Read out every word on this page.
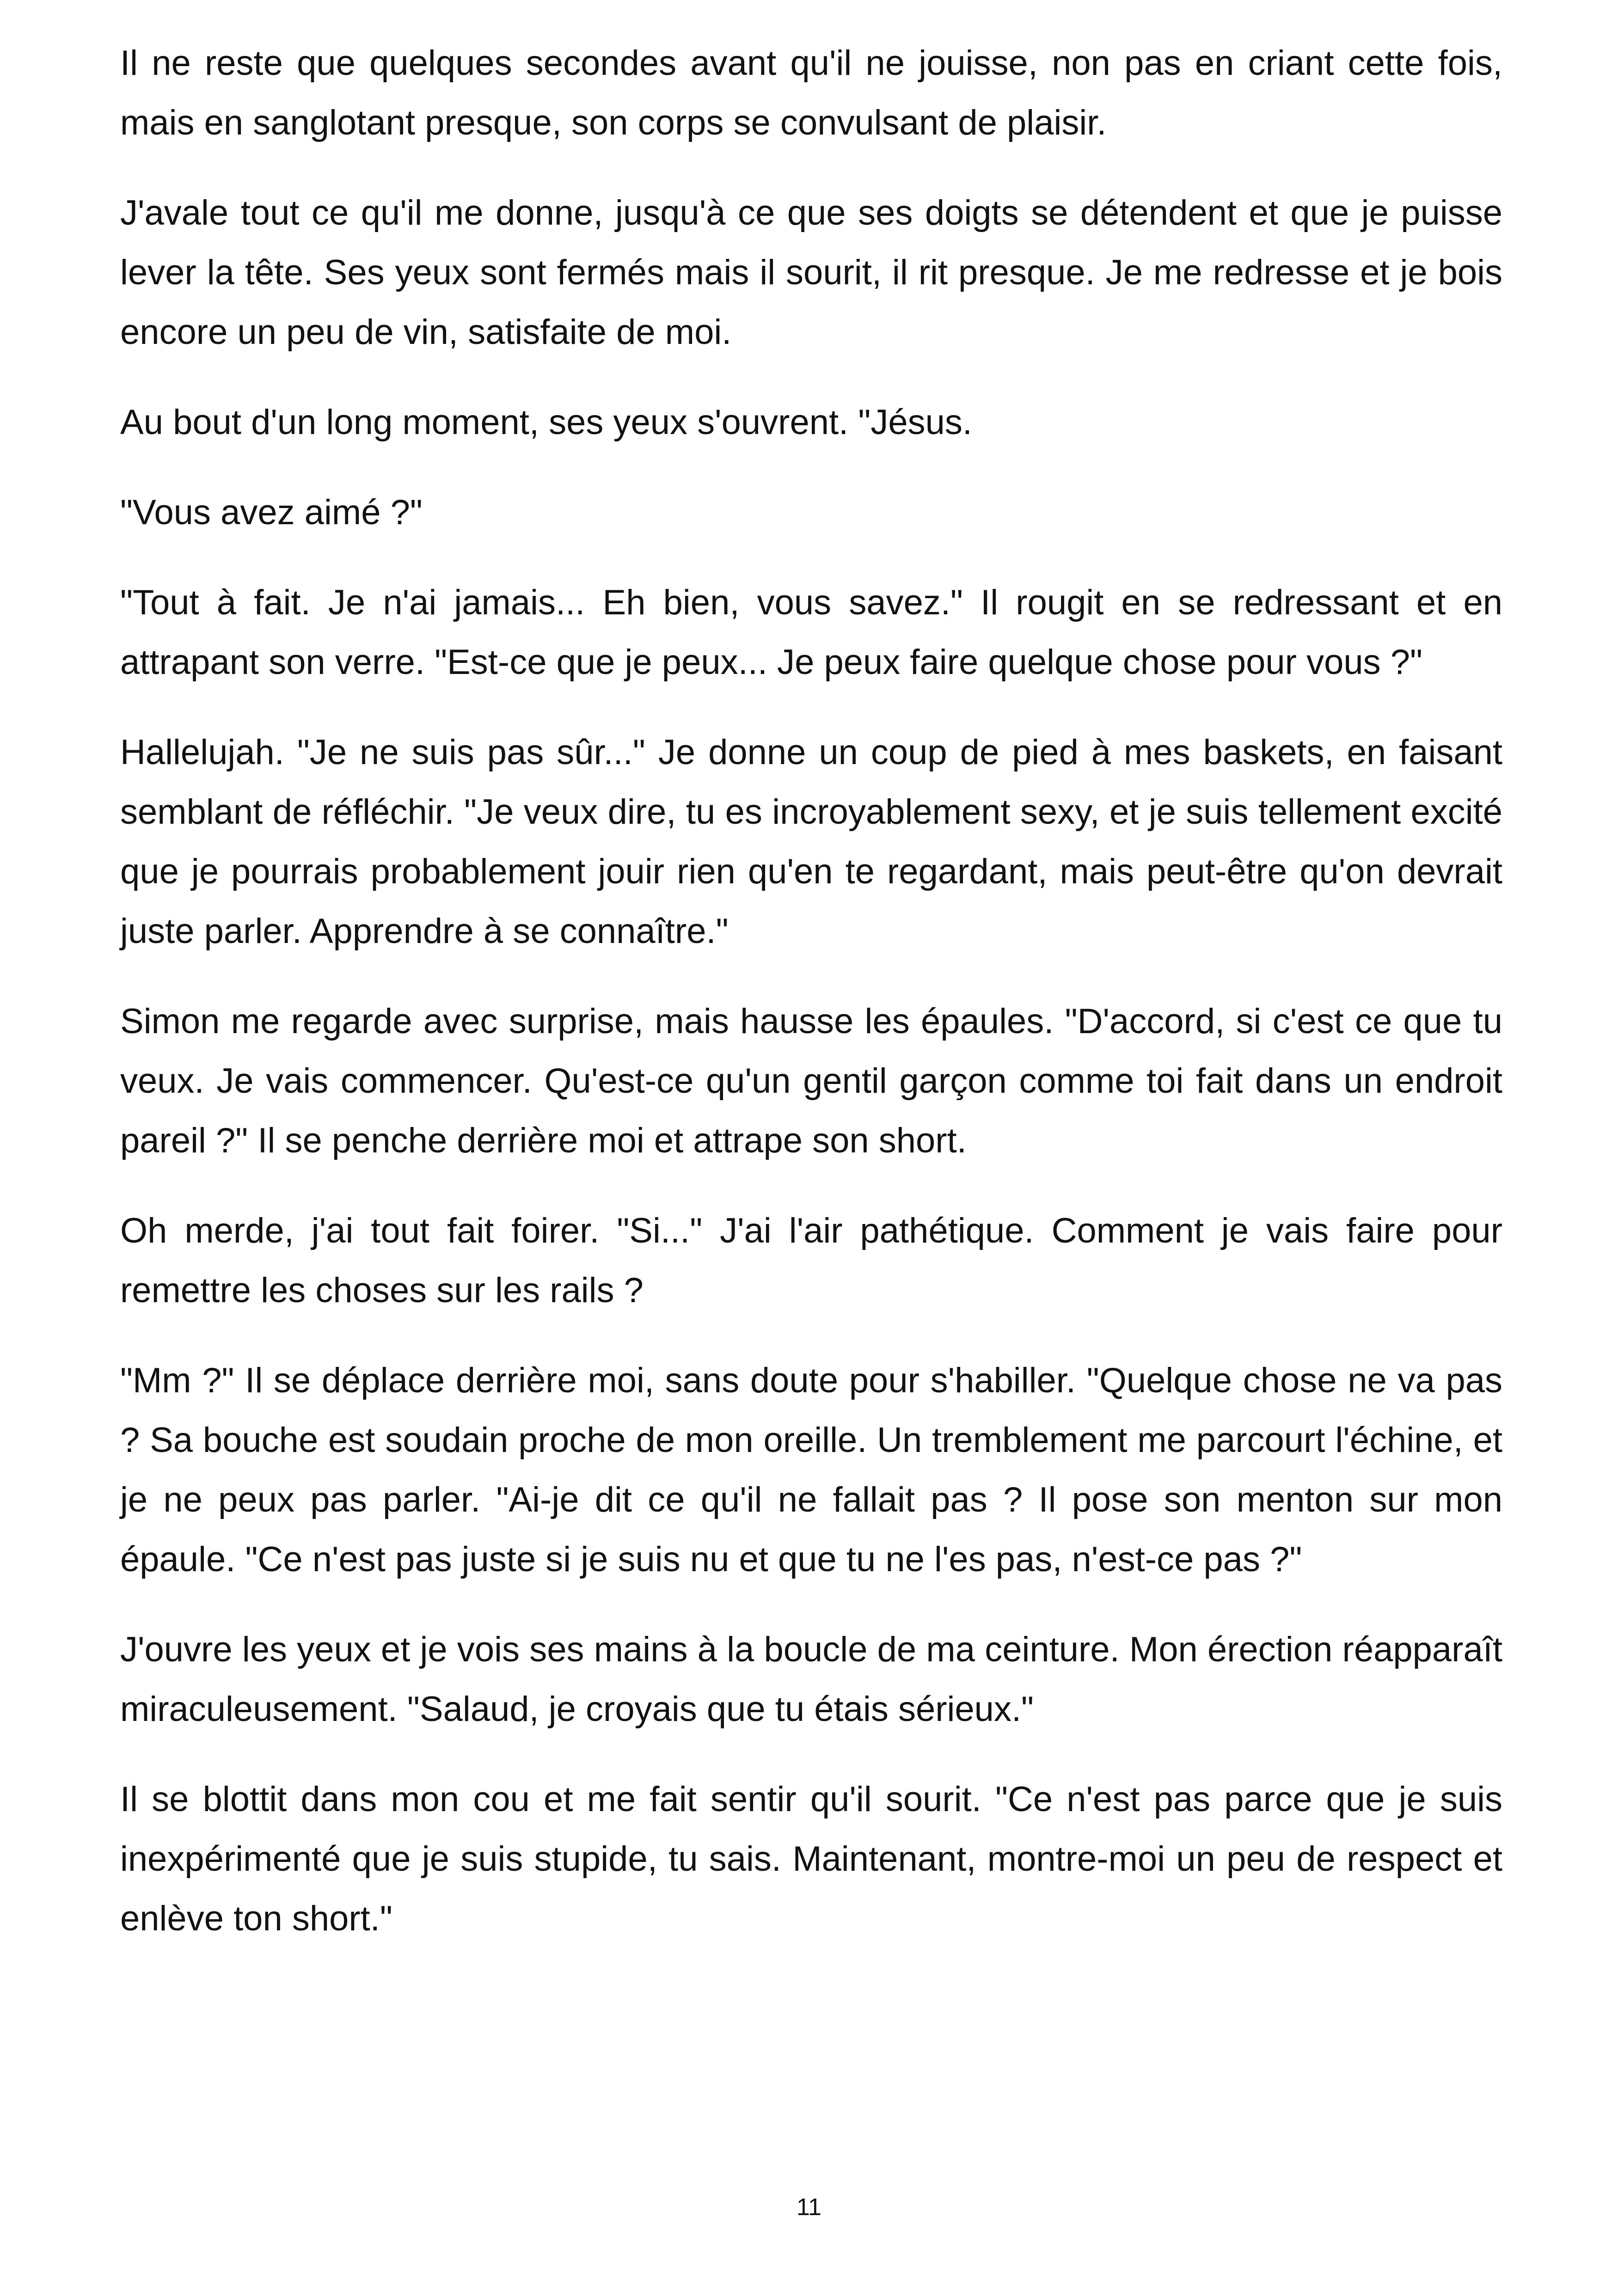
Il ne reste que quelques secondes avant qu'il ne jouisse, non pas en criant cette fois, mais en sanglotant presque, son corps se convulsant de plaisir.

J'avale tout ce qu'il me donne, jusqu'à ce que ses doigts se détendent et que je puisse lever la tête. Ses yeux sont fermés mais il sourit, il rit presque. Je me redresse et je bois encore un peu de vin, satisfaite de moi.

Au bout d'un long moment, ses yeux s'ouvrent. "Jésus.

"Vous avez aimé ?"

"Tout à fait. Je n'ai jamais... Eh bien, vous savez." Il rougit en se redressant et en attrapant son verre. "Est-ce que je peux... Je peux faire quelque chose pour vous ?"

Hallelujah. "Je ne suis pas sûr..." Je donne un coup de pied à mes baskets, en faisant semblant de réfléchir. "Je veux dire, tu es incroyablement sexy, et je suis tellement excité que je pourrais probablement jouir rien qu'en te regardant, mais peut-être qu'on devrait juste parler. Apprendre à se connaître."

Simon me regarde avec surprise, mais hausse les épaules. "D'accord, si c'est ce que tu veux. Je vais commencer. Qu'est-ce qu'un gentil garçon comme toi fait dans un endroit pareil ?" Il se penche derrière moi et attrape son short.

Oh merde, j'ai tout fait foirer. "Si..." J'ai l'air pathétique. Comment je vais faire pour remettre les choses sur les rails ?

"Mm ?" Il se déplace derrière moi, sans doute pour s'habiller. "Quelque chose ne va pas ? Sa bouche est soudain proche de mon oreille. Un tremblement me parcourt l'échine, et je ne peux pas parler. "Ai-je dit ce qu'il ne fallait pas ? Il pose son menton sur mon épaule. "Ce n'est pas juste si je suis nu et que tu ne l'es pas, n'est-ce pas ?"

J'ouvre les yeux et je vois ses mains à la boucle de ma ceinture. Mon érection réapparaît miraculeusement. "Salaud, je croyais que tu étais sérieux."

Il se blottit dans mon cou et me fait sentir qu'il sourit. "Ce n'est pas parce que je suis inexpérimenté que je suis stupide, tu sais. Maintenant, montre-moi un peu de respect et enlève ton short."

11
